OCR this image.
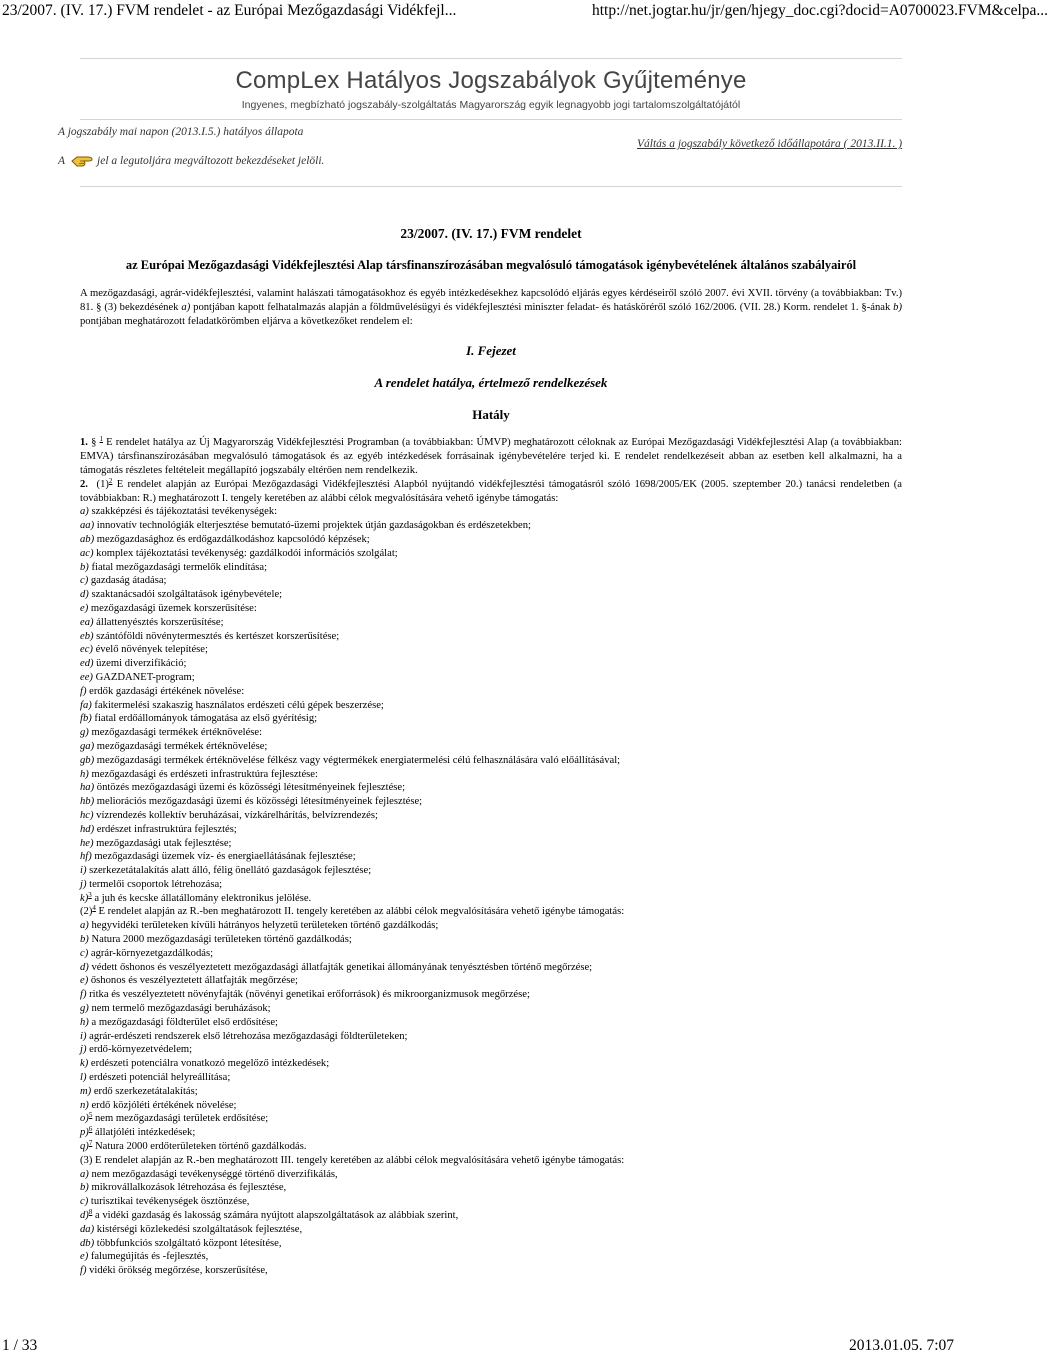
23/2007. (IV. 17.) FVM rendelet - az Európai Mezőgazdasági Vidékfejl...	http://net.jogtar.hu/jr/gen/hjegy_doc.cgi?docid=A0700023.FVM&celpa...
CompLex Hatályos Jogszabályok Gyűjteménye
Ingyenes, megbízható jogszabály-szolgáltatás Magyarország egyik legnagyobb jogi tartalomszolgáltatójától
A jogszabály mai napon (2013.I.5.) hatályos állapota
A	jel a legutoljára megváltozott bekezdéseket jelöli.
Váltás a jogszabály következő időállapotára ( 2013.II.1. )
23/2007. (IV. 17.) FVM rendelet
az Európai Mezőgazdasági Vidékfejlesztési Alap társfinanszírozásában megvalósuló támogatások igénybevételének általános szabályairól
A mezőgazdasági, agrár-vidékfejlesztési, valamint halászati támogatásokhoz és egyéb intézkedésekhez kapcsolódó eljárás egyes kérdéseiről szóló 2007. évi XVII. törvény (a továbbiakban: Tv.) 81. § (3) bekezdésének a) pontjában kapott felhatalmazás alapján a földművelésügyi és vidékfejlesztési miniszter feladat- és hatásköréről szóló 162/2006. (VII. 28.) Korm. rendelet 1. §-ának b) pontjában meghatározott feladatkörömben eljárva a következőket rendelem el:
I. Fejezet
A rendelet hatálya, értelmező rendelkezések
Hatály
1. § $^1$ E rendelet hatálya az Új Magyarország Vidékfejlesztési Programban (a továbbiakban: ÚMVP) meghatározott céloknak az Európai Mezőgazdasági Vidékfejlesztési Alap (a továbbiakban: EMVA) társfinanszírozásában megvalósuló támogatások és az egyéb intézkedések forrásainak igénybevételére terjed ki. E rendelet rendelkezéseit abban az esetben kell alkalmazni, ha a támogatás részletes feltételeit megállapító jogszabály eltérően nem rendelkezik.
2. $(1)^2$ E rendelet alapján az Európai Mezőgazdasági Vidékfejlesztési Alapból nyújtandó vidékfejlesztési támogatásról szóló 1698/2005/EK (2005. szeptember 20.) tanácsi rendeletben (a továbbiakban: R.) meghatározott I. tengely keretében az alábbi célok megvalósítására vehető igénybe támogatás:
a) szakképzési és tájékoztatási tevékenységek:
aa) innovatív technológiák elterjesztése bemutató-üzemi projektek útján gazdaságokban és erdészetekben;
ab) mezőgazdasághoz és erdőgazdálkodáshoz kapcsolódó képzések;
ac) komplex tájékoztatási tevékenység: gazdálkodói információs szolgálat;
b) fiatal mezőgazdasági termelők elindítása;
c) gazdaság átadása;
d) szaktanácsadói szolgáltatások igénybevétele;
e) mezőgazdasági üzemek korszerűsítése:
ea) állattenyésztés korszerűsítése;
eb) szántóföldi növénytermesztés és kertészet korszerűsítése;
ec) évelő növények telepítése;
ed) üzemi diverzifikáció;
ee) GAZDANET-program;
f) erdők gazdasági értékének növelése:
fa) fakitermelési szakaszig használatos erdészeti célú gépek beszerzése;
fb) fiatal erdőállományok támogatása az első gyérítésig;
g) mezőgazdasági termékek értéknövelése:
ga) mezőgazdasági termékek értéknövelése;
gb) mezőgazdasági termékek értéknövelése félkész vagy végtermékek energiatermelési célú felhasználására való előállításával;
h) mezőgazdasági és erdészeti infrastruktúra fejlesztése:
ha) öntözés mezőgazdasági üzemi és közösségi létesítményeinek fejlesztése;
hb) meliorációs mezőgazdasági üzemi és közösségi létesítményeinek fejlesztése;
hc) vízrendezés kollektív beruházásai, vízkárelhárítás, belvízrendezés;
hd) erdészet infrastruktúra fejlesztés;
he) mezőgazdasági utak fejlesztése;
hf) mezőgazdasági üzemek víz- és energiaellátásának fejlesztése;
i) szerkezetátalakítás alatt álló, félig önellátó gazdaságok fejlesztése;
j) termelői csoportok létrehozása;
k)$^3$ a juh és kecske állatállomány elektronikus jelölése.
$(2)^4$ E rendelet alapján az R.-ben meghatározott II. tengely keretében az alábbi célok megvalósítására vehető igénybe támogatás:
a) hegyvidéki területeken kívüli hátrányos helyzetű területeken történő gazdálkodás;
b) Natura 2000 mezőgazdasági területeken történő gazdálkodás;
c) agrár-környezetgazdálkodás;
d) védett őshonos és veszélyeztetett mezőgazdasági állatfajták genetikai állományának tenyésztésben történő megőrzése;
e) őshonos és veszélyeztetett állatfajták megőrzése;
f) ritka és veszélyeztetett növényfajták (növényi genetikai erőforrások) és mikroorganizmusok megőrzése;
g) nem termelő mezőgazdasági beruházások;
h) a mezőgazdasági földterület első erdősítése;
i) agrár-erdészeti rendszerek első létrehozása mezőgazdasági földterületeken;
j) erdő-környezetvédelem;
k) erdészeti potenciálra vonatkozó megelőző intézkedések;
l) erdészeti potenciál helyreállítása;
m) erdő szerkezetátalakítás;
n) erdő közjóléti értékének növelése;
o)$^5$ nem mezőgazdasági területek erdősítése;
p)$^6$ állatjóléti intézkedések;
q)$^7$ Natura 2000 erdőterületeken történő gazdálkodás.
(3) E rendelet alapján az R.-ben meghatározott III. tengely keretében az alábbi célok megvalósítására vehető igénybe támogatás:
a) nem mezőgazdasági tevékenységgé történő diverzifikálás,
b) mikrovállalkozások létrehozása és fejlesztése,
c) turisztikai tevékenységek ösztönzése,
d)$^8$ a vidéki gazdaság és lakosság számára nyújtott alapszolgáltatások az alábbiak szerint,
da) kistérségi közlekedési szolgáltatások fejlesztése,
db) többfunkciós szolgáltató központ létesítése,
e) falumegújítás és -fejlesztés,
f) vidéki örökség megőrzése, korszerűsítése,
1 / 33	2013.01.05. 7:07
